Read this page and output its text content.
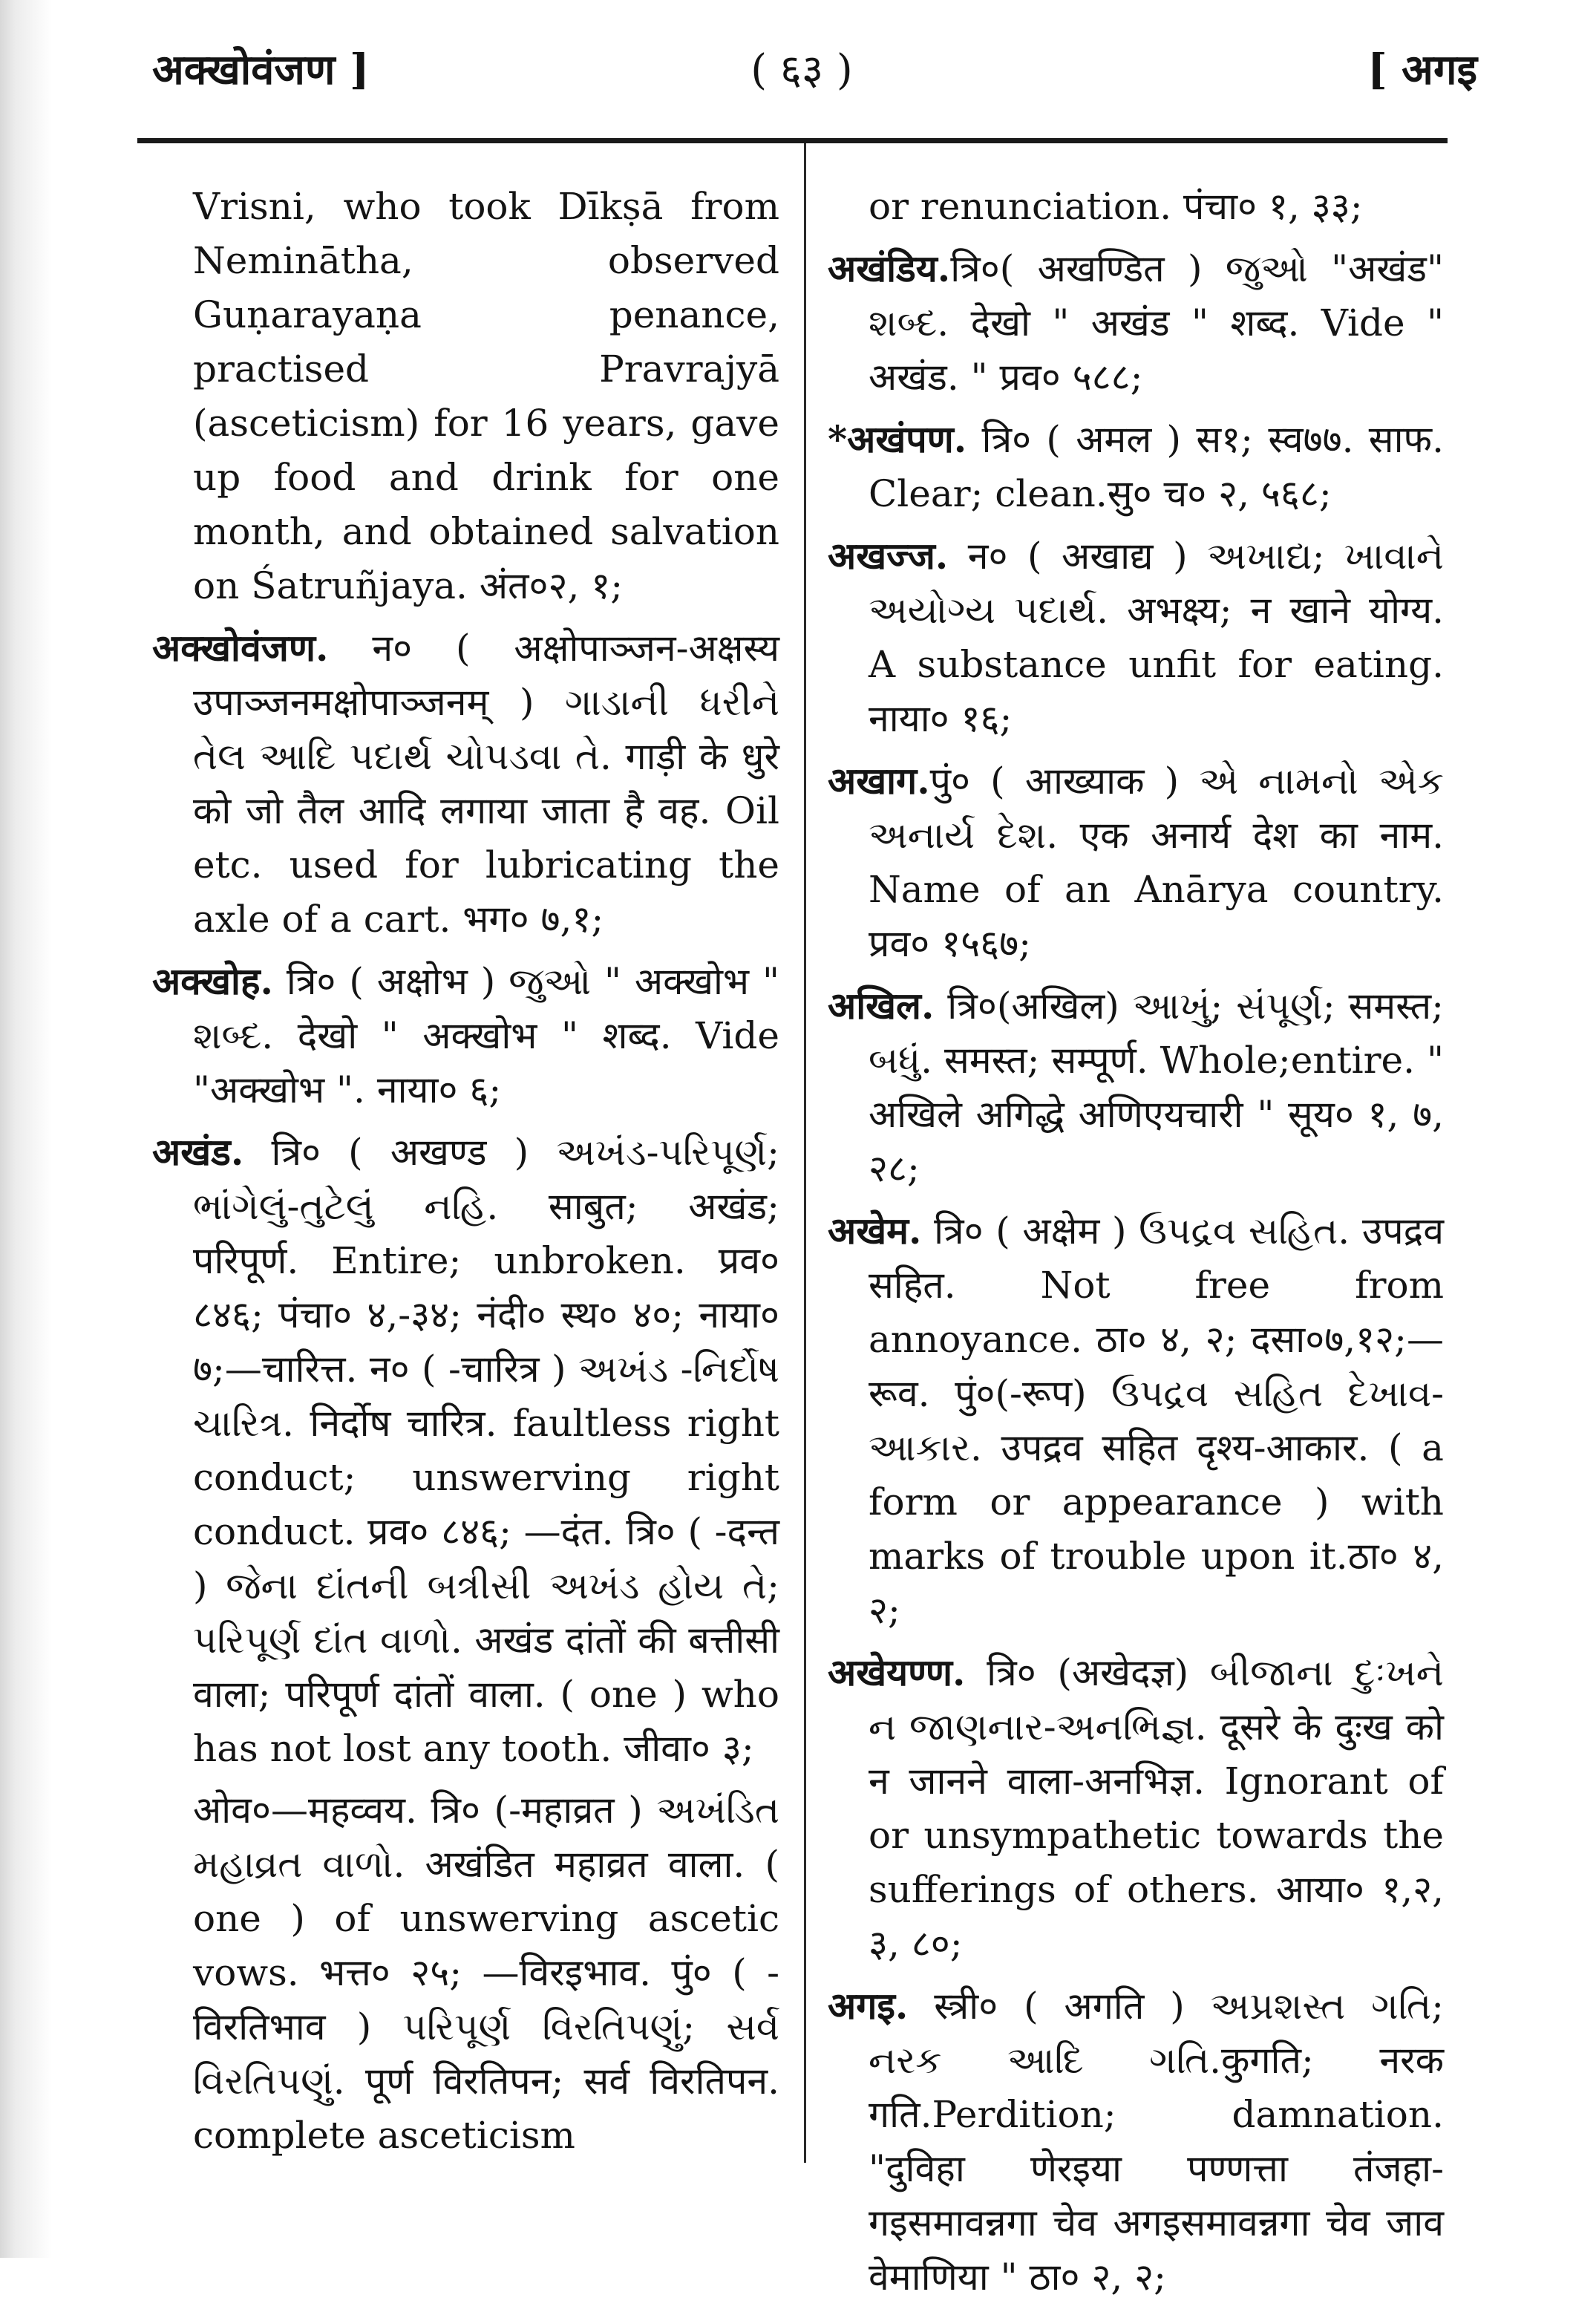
अक्खोवंजण ]	( ६३ )	[ अगइ

Vrisni, who took Dīkṣā from Neminātha, observed Guṇarayaṇa penance, practised Pravrajyā (asceticism) for 16 years, gave up food and drink for one month, and obtained salvation on Śatruñjaya. अंत०२, १;

अक्खोवंजण. न० ( अक्षोपाञ्जन-अक्षस्य उपाञ्जनमक्षोपाञ्जनम् ) ગાડાની ધરીને તેલ આદિ પદાર્થ ચોપડવા તે. गाड़ी के धुरे को जो तैल आदि लगाया जाता है वह. Oil etc. used for lubricating the axle of a cart. भग० ७,१;

अक्खोह. त्रि० ( अक्षोभ ) જુઓ " अक्खोभ " શબ્દ. देखो " अक्खोभ " शब्द. Vide "अक्खोभ ". नाया० ६;

अखंड. त्रि० ( अखण्ड ) અખંડ-પરિપૂર્ણ; ભાંગેલું-તુટેલું નહિ. साबुत; अखंड; परिपूर्ण. Entire; unbroken. प्रव० ८४६; पंचा० ४,-३४; नंदी० स्थ० ४०; नाया० ७;—चारित्त. न० ( -चारित्र ) અખંડ -નિર્દોષ ચારિત્ર. निर्दोष चारित्र. faultless right conduct; unswerving right conduct. प्रव० ८४६; —दंत. त्रि० ( -दन्त ) જેના દાંતની બત્રીસી અખંડ હોય તે; પરિપૂર્ણ દાંત વાળો. अखंड दांतों की बत्तीसी वाला; परिपूर्ण दांतों वाला. ( one ) who has not lost any tooth. जीवा० ३;

ओव०—महव्वय. त्रि० (-महाव्रत ) અખંડિત મહાવ્રત વાળો. अखंडित महाव्रत वाला. ( one ) of unswerving ascetic vows. भत्त० २५; —विरइभाव. पुं० ( -विरतिभाव ) પરિપૂર્ણ વિરતિપણું; સર્વ વિરતિપણું. पूर्ण विरतिपन; सर्व विरतिपन. complete asceticism

or renunciation. पंचा० १, ३३;

अखंडिय.त्रि०( अखण्डित ) જુઓ "अखंड" શબ્દ. देखो " अखंड " शब्द. Vide " अखंड. " प्रव० ५८८;

*अखंपण. त्रि० ( अमल ) स१; स्व७७. साफ. Clear; clean.सु० च० २, ५६८;

अखज्ज. न० ( अखाद्य ) અખાદ્ય; ખાવાને અયોગ્ય પદાર્થ. अभक्ष्य; न खाने योग्य. A substance unfit for eating. नाया० १६;

अखाग.पुं० ( आख्याक ) એ નામનો એક અનાર્ય દેશ. एक अनार्य देश का नाम. Name of an Anārya country. प्रव० १५६७;

अखिल. त्रि०(अखिल) આખું; સંપૂર્ણ; समस्त; બધું. समस्त; सम्पूर्ण. Whole;entire. " अखिले अगिद्धे अणिएयचारी " सूय० १, ७, २८;

अखेम. त्रि० ( अक्षेम ) ઉપદ્રવ સહિત. उपद्रव सहित. Not free from annoyance. ठा० ४, २; दसा०७,१२;—रूव. पुं०(-रूप) ઉપદ્રવ સહિત દેખાવ-આકાર. उपद्रव सहित दृश्य-आकार. ( a form or appearance ) with marks of trouble upon it.ठा० ४, २;

अखेयण्ण. त्रि० (अखेदज्ञ) બીજાના દુઃખને ન જાણનાર-અનભિજ્ઞ. दूसरे के दुःख को न जानने वाला-अनभिज्ञ. Ignorant of or unsympathetic towards the sufferings of others. आया० १,२, ३, ८०;

अगइ. स्त्री० ( अगति ) અપ્રશસ્ત ગતિ; નરક આદિ ગતિ.कुगति; नरक गति.Perdition; damnation. "दुविहा णेरइया पण्णत्ता तंजहा-गइसमावन्नगा चेव अगइसमावन्नगा चेव जाव वेमाणिया " ठा० २, २;
